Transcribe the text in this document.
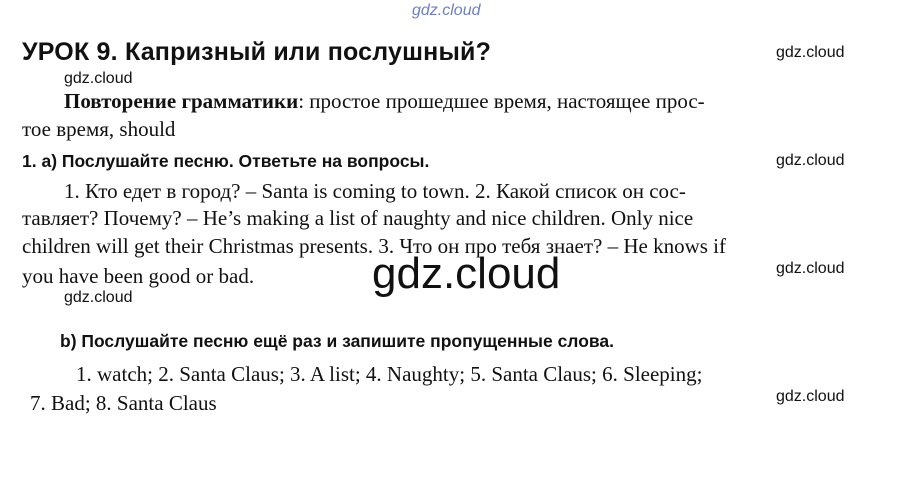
gdz.cloud
УРОК 9. Капризный или послушный?	gdz.cloud
gdz.cloud
Повторение грамматики: простое прошедшее время, настоящее прос-
тое время, should
1. а) Послушайте песню. Ответьте на вопросы.	gdz.cloud
1. Кто едет в город? – Santa is coming to town. 2. Какой список он сос-
тавляет? Почему? – He’s making a list of naughty and nice children. Only nice
children will get their Christmas presents. 3. Что он про тебя знает? – He knows if
you have been good or bad.	gdz.cloud
gdz.cloud
gdz.cloud
b) Послушайте песню ещё раз и запишите пропущенные слова.
1. watch; 2. Santa Claus; 3. A list; 4. Naughty; 5. Santa Claus; 6. Sleeping;
7. Bad; 8. Santa Claus	gdz.cloud
